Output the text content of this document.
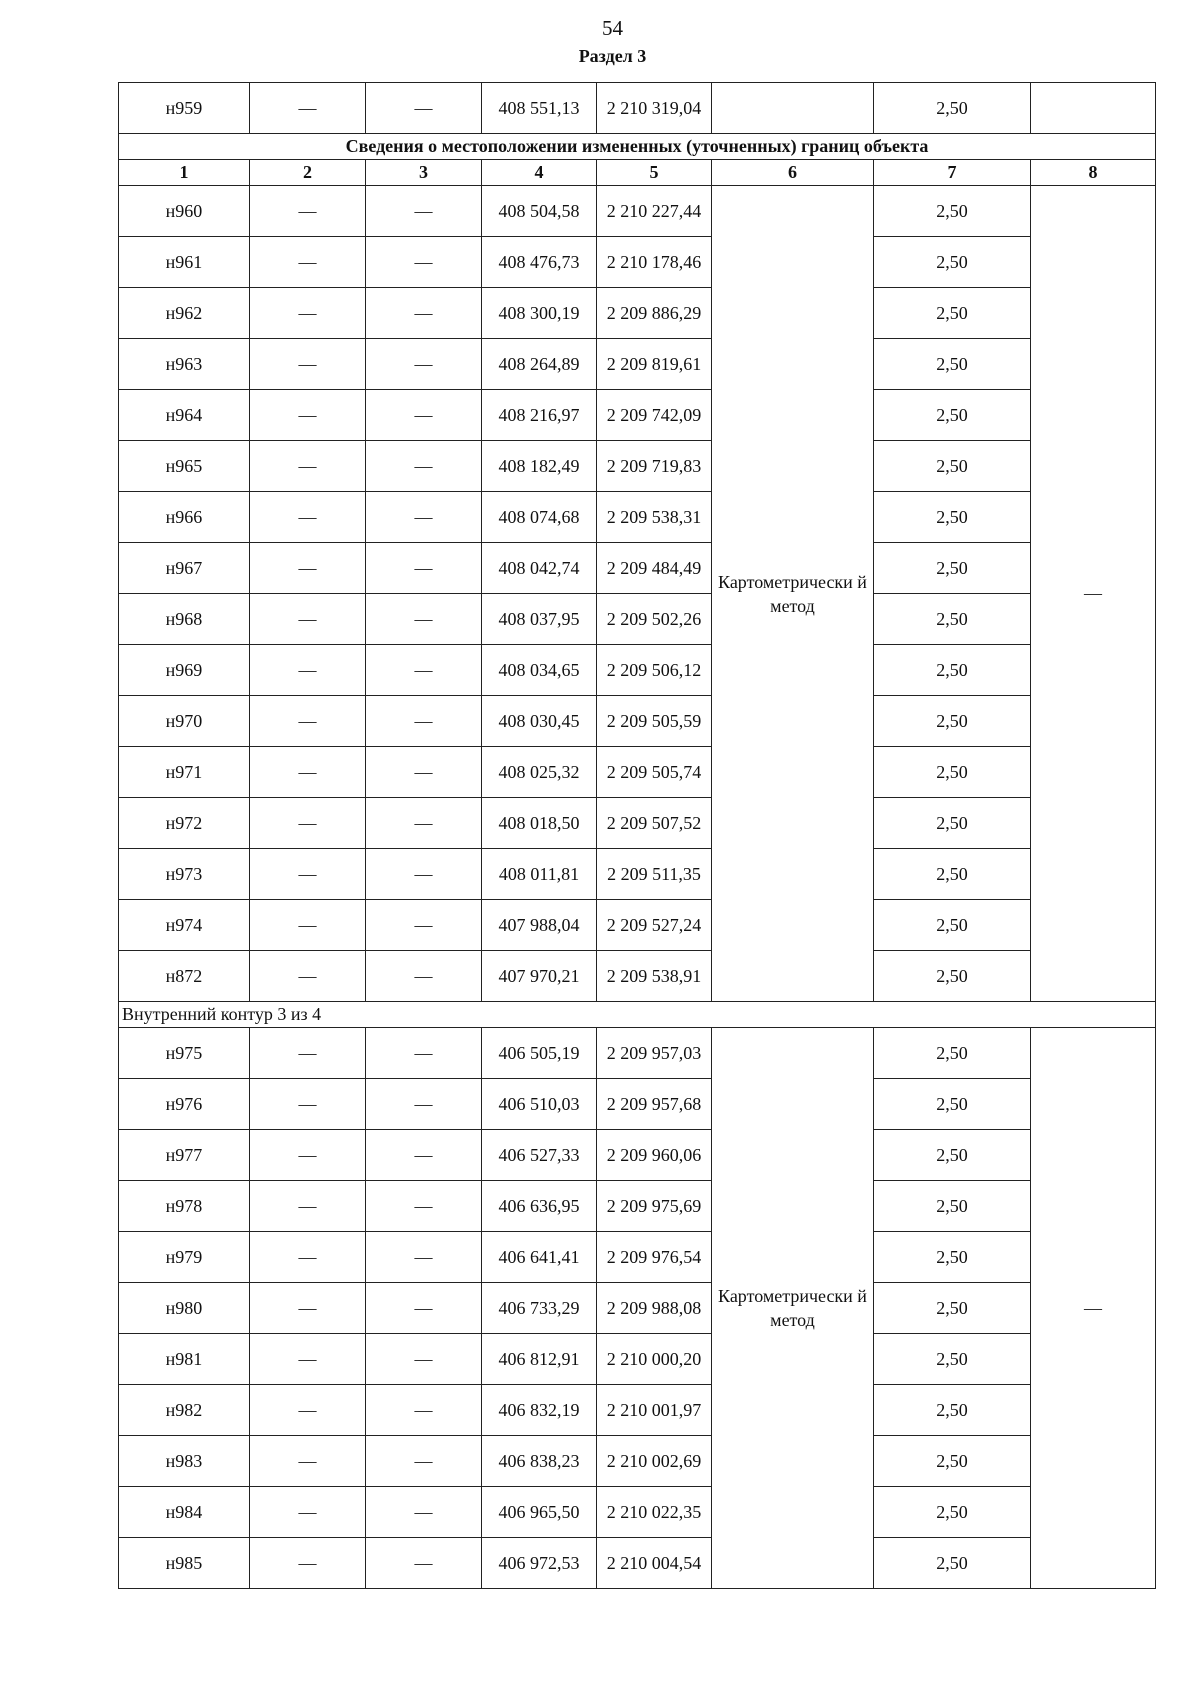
54
Раздел 3
н959	—	—	408 551,13	2 210 319,04		2,50	
Сведения о местоположении измененных (уточненных) границ объекта							
1	2	3	4	5	6	7	8
н960	—	—	408 504,58	2 210 227,44	Картометрически й метод	2,50	—
н961	—	—	408 476,73	2 210 178,46		2,50	
н962	—	—	408 300,19	2 209 886,29		2,50	
н963	—	—	408 264,89	2 209 819,61		2,50	
н964	—	—	408 216,97	2 209 742,09		2,50	
н965	—	—	408 182,49	2 209 719,83		2,50	
н966	—	—	408 074,68	2 209 538,31		2,50	
н967	—	—	408 042,74	2 209 484,49		2,50	
н968	—	—	408 037,95	2 209 502,26		2,50	
н969	—	—	408 034,65	2 209 506,12		2,50	
н970	—	—	408 030,45	2 209 505,59		2,50	
н971	—	—	408 025,32	2 209 505,74		2,50	
н972	—	—	408 018,50	2 209 507,52		2,50	
н973	—	—	408 011,81	2 209 511,35		2,50	
н974	—	—	407 988,04	2 209 527,24		2,50	
н872	—	—	407 970,21	2 209 538,91		2,50	
Внутренний контур 3 из 4							
н975	—	—	406 505,19	2 209 957,03	Картометрически й метод	2,50	—
н976	—	—	406 510,03	2 209 957,68		2,50	
н977	—	—	406 527,33	2 209 960,06		2,50	
н978	—	—	406 636,95	2 209 975,69		2,50	
н979	—	—	406 641,41	2 209 976,54		2,50	
н980	—	—	406 733,29	2 209 988,08		2,50	
н981	—	—	406 812,91	2 210 000,20		2,50	
н982	—	—	406 832,19	2 210 001,97		2,50	
н983	—	—	406 838,23	2 210 002,69		2,50	
н984	—	—	406 965,50	2 210 022,35		2,50	
н985	—	—	406 972,53	2 210 004,54		2,50	
